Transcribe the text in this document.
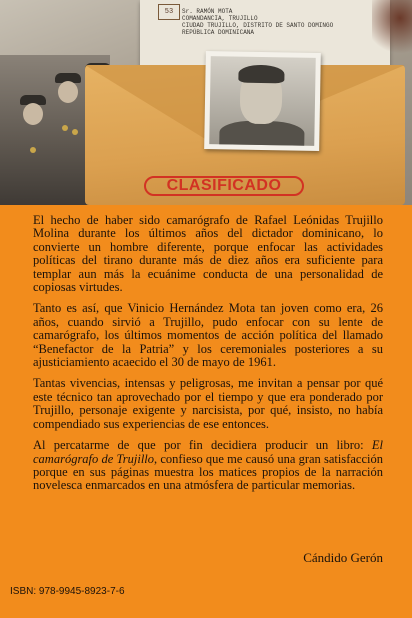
53	Sr. RAMÓN MOTA
COMANDANCIA, TRUJILLO
CIUDAD TRUJILLO, DISTRITO DE SANTO DOMINGO
REPÚBLICA DOMINICANA
CLASIFICADO

El hecho de haber sido camarógrafo de Rafael Leónidas Trujillo Molina durante los últimos años del dictador dominicano, lo convierte un hombre diferente, porque enfocar las actividades políticas del tirano durante más de diez años era suficiente para templar aun más la ecuánime conducta de una personalidad de copiosas virtudes.

Tanto es así, que Vinicio Hernández Mota tan joven como era, 26 años, cuando sirvió a Trujillo, pudo enfocar con su lente de camarógrafo, los últimos momentos de acción política del llamado “Benefactor de la Patria” y los ceremoniales posteriores a su ajusticiamiento acaecido el 30 de mayo de 1961.

Tantas vivencias, intensas y peligrosas, me invitan a pensar por qué este técnico tan aprovechado por el tiempo y que era ponderado por Trujillo, personaje exigente y narcisista, por qué, insisto, no había compendiado sus experiencias de ese entonces.

Al percatarme de que por fin decidiera producir un libro: El camarógrafo de Trujillo, confieso que me causó una gran satisfacción porque en sus páginas muestra los matices propios de la narración novelesca enmarcados en una atmósfera de particular memorias.

Cándido Gerón
ISBN: 978-9945-8923-7-6
